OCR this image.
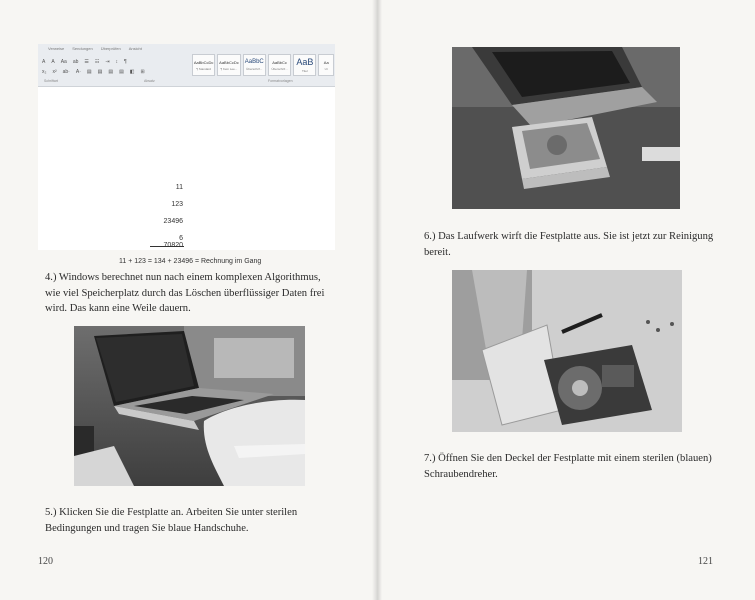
Verweise Sendungen Überprüfen Ansicht
A A Aa ab ☰ ☷ ⇥ ↕ ¶
x₂ x² ab· A· ▤ ▤ ▤ ▤ ◧ ⊞
AaBbCcDc
¶ Standard
AaBbCcDc
¶ Kein Lee...
AaBbC
Überschrif...
AaBbCc
Überschrif...
AaB
Titel
Aa
Ur
Schriftart	Absatz	Formatvorlagen
11
123
23496
6
70820
11 + 123 = 134 + 23496 = Rechnung im Gang
4.) Windows berechnet nun nach einem komplexen Algorithmus, wie viel Speicherplatz durch das Löschen überflüssiger Daten frei wird. Das kann eine Weile dauern.
5.) Klicken Sie die Festplatte an. Arbeiten Sie unter sterilen Bedingungen und tragen Sie blaue Handschuhe.
120
6.) Das Laufwerk wirft die Festplatte aus. Sie ist jetzt zur Reinigung bereit.
7.) Öffnen Sie den Deckel der Festplatte mit einem sterilen (blauen) Schraubendreher.
121
